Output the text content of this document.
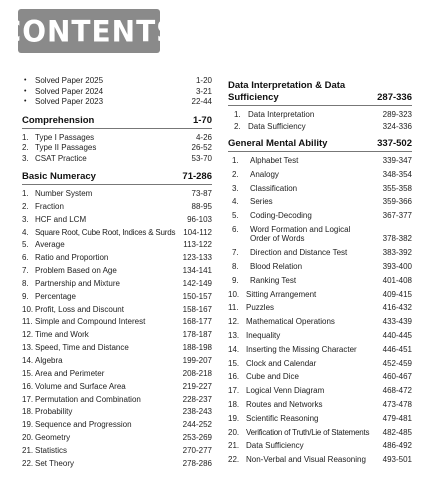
CONTENTS
•	Solved Paper 2025	1-20
•	Solved Paper 2024	3-21
•	Solved Paper 2023	22-44
Comprehension	1-70
1. Type I Passages	4-26
2. Type II Passages	26-52
3. CSAT Practice	53-70
Basic Numeracy	71-286
1. Number System	73-87
2. Fraction	88-95
3. HCF and LCM	96-103
4. Square Root, Cube Root, Indices & Surds 104-112
5. Average	113-122
6. Ratio and Proportion	123-133
7. Problem Based on Age	134-141
8. Partnership and Mixture	142-149
9. Percentage	150-157
10. Profit, Loss and Discount	158-167
11. Simple and Compound Interest	168-177
12. Time and Work	178-187
13. Speed, Time and Distance	188-198
14. Algebra	199-207
15. Area and Perimeter	208-218
16. Volume and Surface Area	219-227
17. Permutation and Combination	228-237
18. Probability	238-243
19. Sequence and Progression	244-252
20. Geometry	253-269
21. Statistics	270-277
22. Set Theory	278-286
Data Interpretation & Data Sufficiency	287-336
1. Data Interpretation	289-323
2. Data Sufficiency	324-336
General Mental Ability	337-502
1.	Alphabet Test	339-347
2.	Analogy	348-354
3.	Classification	355-358
4.	Series	359-366
5.	Coding-Decoding	367-377
6.	Word Formation and Logical Order of Words	378-382
7.	Direction and Distance Test	383-392
8.	Blood Relation	393-400
9.	Ranking Test	401-408
10. Sitting Arrangement	409-415
11. Puzzles	416-432
12. Mathematical Operations	433-439
13. Inequality	440-445
14. Inserting the Missing Character	446-451
15. Clock and Calendar	452-459
16. Cube and Dice	460-467
17. Logical Venn Diagram	468-472
18. Routes and Networks	473-478
19. Scientific Reasoning	479-481
20. Verification of Truth/Lie of Statements	482-485
21. Data Sufficiency	486-492
22. Non-Verbal and Visual Reasoning	493-501
